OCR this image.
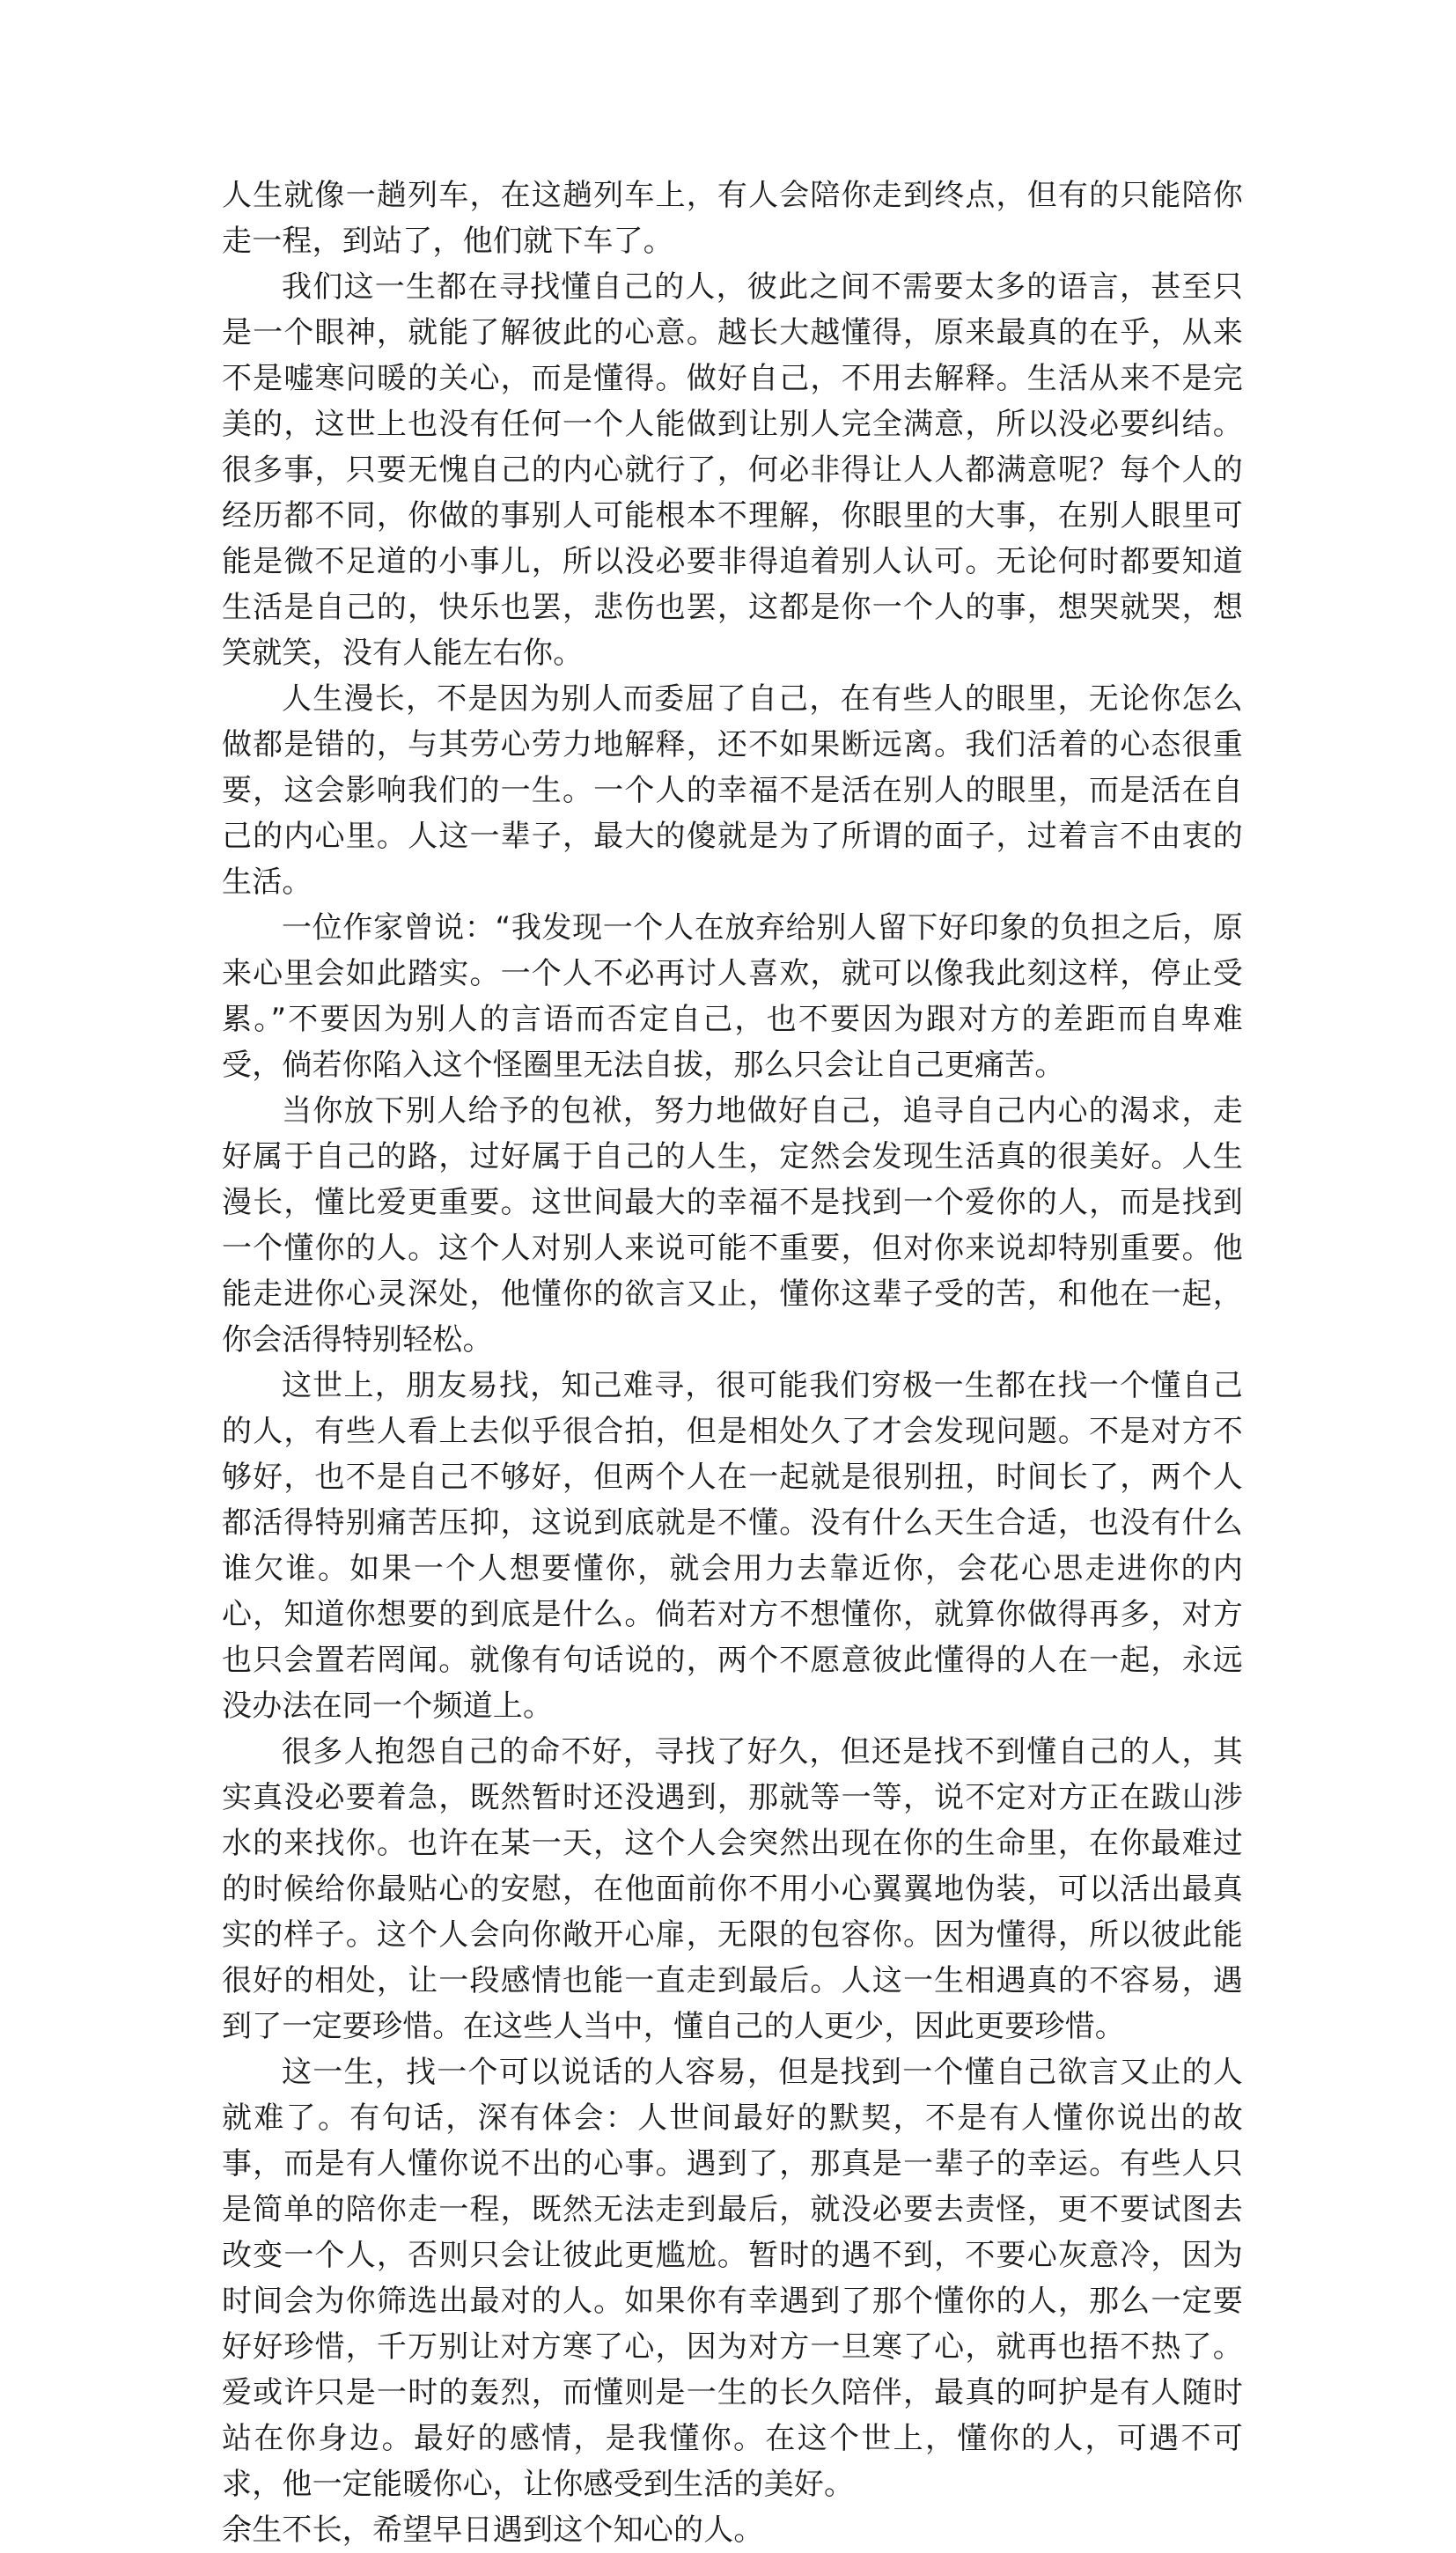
人生就像一趟列车，在这趟列车上，有人会陪你走到终点，但有的只能陪你走一程，到站了，他们就下车了。

我们这一生都在寻找懂自己的人，彼此之间不需要太多的语言，甚至只是一个眼神，就能了解彼此的心意。越长大越懂得，原来最真的在乎，从来不是嘘寒问暖的关心，而是懂得。做好自己，不用去解释。生活从来不是完美的，这世上也没有任何一个人能做到让别人完全满意，所以没必要纠结。很多事，只要无愧自己的内心就行了，何必非得让人人都满意呢？每个人的经历都不同，你做的事别人可能根本不理解，你眼里的大事，在别人眼里可能是微不足道的小事儿，所以没必要非得追着别人认可。无论何时都要知道生活是自己的，快乐也罢，悲伤也罢，这都是你一个人的事，想哭就哭，想笑就笑，没有人能左右你。

人生漫长，不是因为别人而委屈了自己，在有些人的眼里，无论你怎么做都是错的，与其劳心劳力地解释，还不如果断远离。我们活着的心态很重要，这会影响我们的一生。一个人的幸福不是活在别人的眼里，而是活在自己的内心里。人这一辈子，最大的傻就是为了所谓的面子，过着言不由衷的生活。

一位作家曾说：“我发现一个人在放弃给别人留下好印象的负担之后，原来心里会如此踏实。一个人不必再讨人喜欢，就可以像我此刻这样，停止受累。”不要因为别人的言语而否定自己，也不要因为跟对方的差距而自卑难受，倘若你陷入这个怪圈里无法自拔，那么只会让自己更痛苦。

当你放下别人给予的包袱，努力地做好自己，追寻自己内心的渴求，走好属于自己的路，过好属于自己的人生，定然会发现生活真的很美好。人生漫长，懂比爱更重要。这世间最大的幸福不是找到一个爱你的人，而是找到一个懂你的人。这个人对别人来说可能不重要，但对你来说却特别重要。他能走进你心灵深处，他懂你的欲言又止，懂你这辈子受的苦，和他在一起，你会活得特别轻松。

这世上，朋友易找，知己难寻，很可能我们穷极一生都在找一个懂自己的人，有些人看上去似乎很合拍，但是相处久了才会发现问题。不是对方不够好，也不是自己不够好，但两个人在一起就是很别扭，时间长了，两个人都活得特别痛苦压抑，这说到底就是不懂。没有什么天生合适，也没有什么谁欠谁。如果一个人想要懂你，就会用力去靠近你，会花心思走进你的内心，知道你想要的到底是什么。倘若对方不想懂你，就算你做得再多，对方也只会置若罔闻。就像有句话说的，两个不愿意彼此懂得的人在一起，永远没办法在同一个频道上。

很多人抱怨自己的命不好，寻找了好久，但还是找不到懂自己的人，其实真没必要着急，既然暂时还没遇到，那就等一等，说不定对方正在跋山涉水的来找你。也许在某一天，这个人会突然出现在你的生命里，在你最难过的时候给你最贴心的安慰，在他面前你不用小心翼翼地伪装，可以活出最真实的样子。这个人会向你敞开心扉，无限的包容你。因为懂得，所以彼此能很好的相处，让一段感情也能一直走到最后。人这一生相遇真的不容易，遇到了一定要珍惜。在这些人当中，懂自己的人更少，因此更要珍惜。

这一生，找一个可以说话的人容易，但是找到一个懂自己欲言又止的人就难了。有句话，深有体会：人世间最好的默契，不是有人懂你说出的故事，而是有人懂你说不出的心事。遇到了，那真是一辈子的幸运。有些人只是简单的陪你走一程，既然无法走到最后，就没必要去责怪，更不要试图去改变一个人，否则只会让彼此更尴尬。暂时的遇不到，不要心灰意冷，因为时间会为你筛选出最对的人。如果你有幸遇到了那个懂你的人，那么一定要好好珍惜，千万别让对方寒了心，因为对方一旦寒了心，就再也捂不热了。爱或许只是一时的轰烈，而懂则是一生的长久陪伴，最真的呵护是有人随时站在你身边。最好的感情，是我懂你。在这个世上，懂你的人，可遇不可求，他一定能暖你心，让你感受到生活的美好。

余生不长，希望早日遇到这个知心的人。
